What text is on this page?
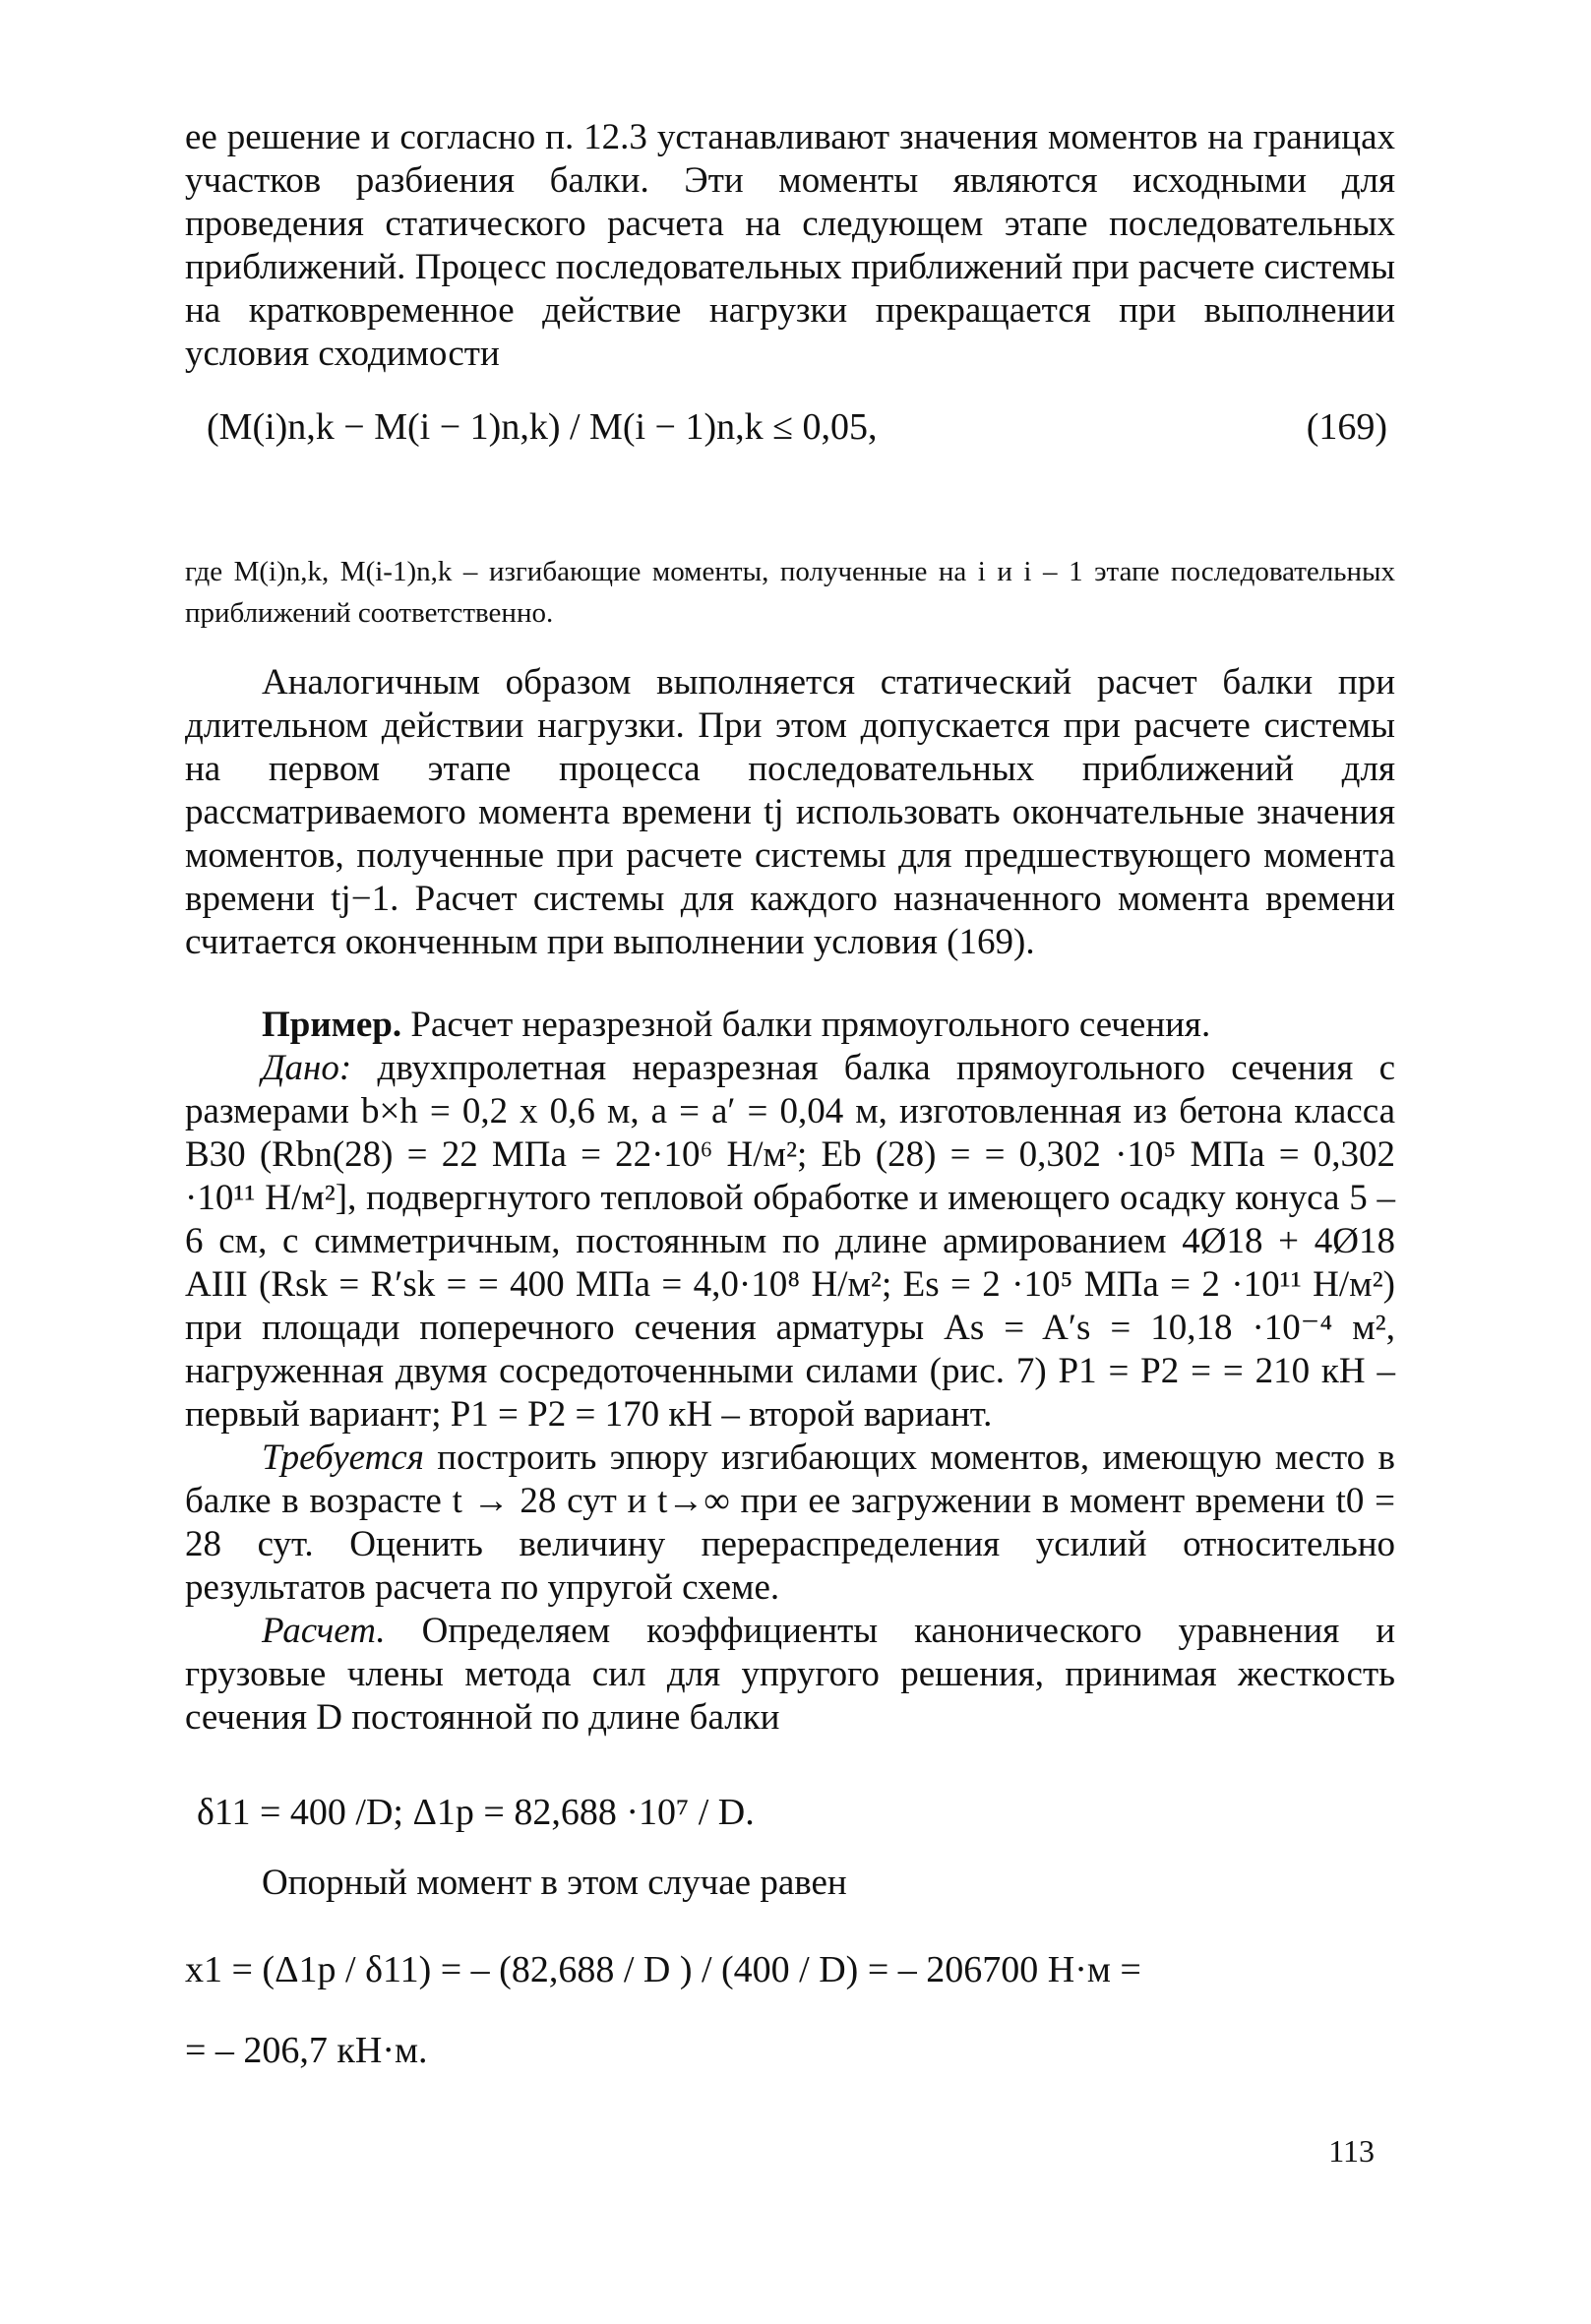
ее решение и согласно п. 12.3 устанавливают значения моментов на границах участков разбиения балки. Эти моменты являются исходными для проведения статического расчета на следующем этапе последовательных приближений. Процесс последовательных приближений при расчете системы на кратковременное действие нагрузки прекращается при выполнении условия сходимости

(M(i)n,k − M(i − 1)n,k) / M(i − 1)n,k ≤ 0,05,	(169)

где M(i)n,k, M(i-1)n,k – изгибающие моменты, полученные на i и i – 1 этапе последовательных приближений соответственно.

Аналогичным образом выполняется статический расчет балки при длительном действии нагрузки. При этом допускается при расчете системы на первом этапе процесса последовательных приближений для рассматриваемого момента времени tj использовать окончательные значения моментов, полученные при расчете системы для предшествующего момента времени tj−1. Расчет системы для каждого назначенного момента времени считается оконченным при выполнении условия (169).

Пример. Расчет неразрезной балки прямоугольного сечения.

Дано: двухпролетная неразрезная балка прямоугольного сечения с размерами b×h = 0,2 x 0,6 м, a = a′ = 0,04 м, изготовленная из бетона класса В30 (Rbn(28) = 22 МПа = 22·10⁶ Н/м²; Eb (28) = = 0,302 ·10⁵ МПа = 0,302 ·10¹¹ Н/м²], подвергнутого тепловой обработке и имеющего осадку конуса 5 – 6 см, с симметричным, постоянным по длине армированием 4Ø18 + 4Ø18 AIII (Rsk = R′sk = = 400 МПа = 4,0·10⁸ Н/м²; Es = 2 ·10⁵ МПа = 2 ·10¹¹ Н/м²) при площади поперечного сечения арматуры As = A′s = 10,18 ·10⁻⁴ м², нагруженная двумя сосредоточенными силами (рис. 7) P1 = P2 = = 210 кН – первый вариант; P1 = P2 = 170 кН – второй вариант.

Требуется построить эпюру изгибающих моментов, имеющую место в балке в возрасте t → 28 сут и t→∞ при ее загружении в момент времени t0 = 28 сут. Оценить величину перераспределения усилий относительно результатов расчета по упругой схеме.

Расчет. Определяем коэффициенты канонического уравнения и грузовые члены метода сил для упругого решения, принимая жесткость сечения D постоянной по длине балки

δ11 = 400 /D; Δ1p = 82,688 ·10⁷ / D.

Опорный момент в этом случае равен

x1 = (Δ1p / δ11) = – (82,688 / D ) / (400 / D) = – 206700 Н·м =
= – 206,7 кН·м.
113
